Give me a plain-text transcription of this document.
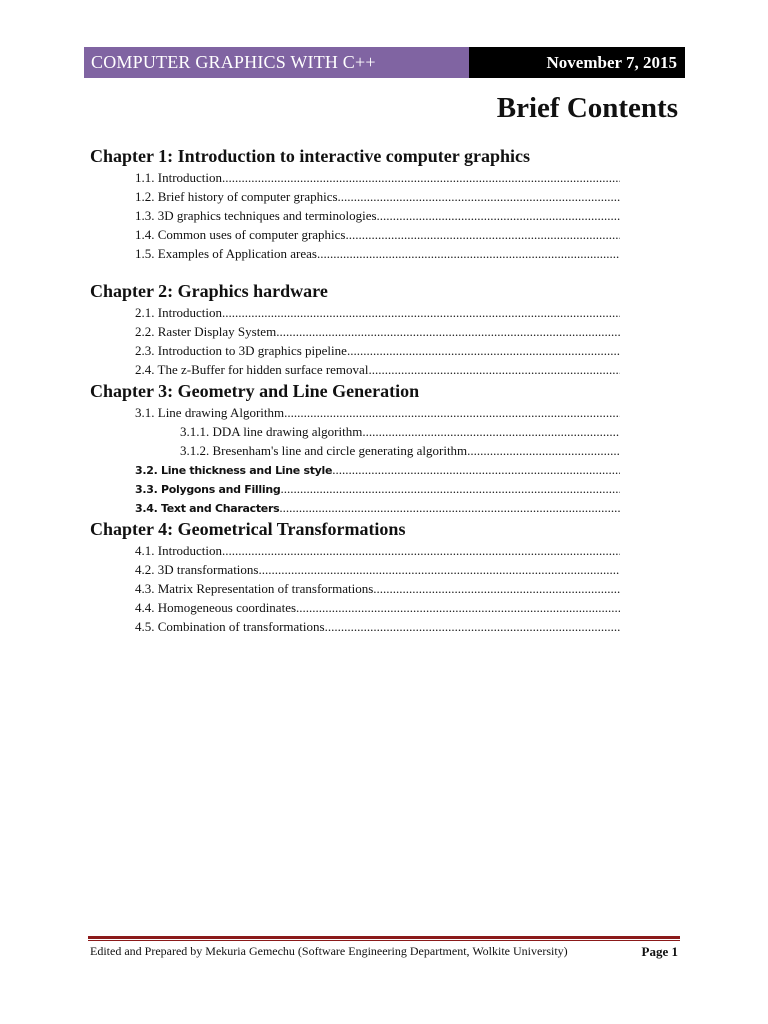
COMPUTER GRAPHICS WITH C++	November 7, 2015
Brief Contents
Chapter 1: Introduction to interactive computer graphics
1.1. Introduction
.....
1.2. Brief history of computer graphics
.....
1.3. 3D graphics techniques and terminologies
.....
1.4. Common uses of computer graphics
.....
1.5. Examples of Application areas
.....
Chapter 2: Graphics hardware
2.1. Introduction
.....
2.2. Raster Display System
.....
2.3. Introduction to 3D graphics pipeline
.....
2.4. The z-Buffer for hidden surface removal
.....
Chapter 3: Geometry and Line Generation
3.1. Line drawing Algorithm
.....
3.1.1. DDA line drawing algorithm
.....
3.1.2. Bresenham's line and circle generating algorithm
.....
3.2. Line thickness and Line style
.....
3.3. Polygons and Filling
.....
3.4. Text and Characters
.....
Chapter 4: Geometrical Transformations
4.1. Introduction
.....
4.2. 3D transformations
.....
4.3. Matrix Representation of transformations
.....
4.4. Homogeneous coordinates
.....
4.5. Combination of transformations
.....
Edited and Prepared by Mekuria Gemechu (Software Engineering Department, Wolkite University)	Page 1
